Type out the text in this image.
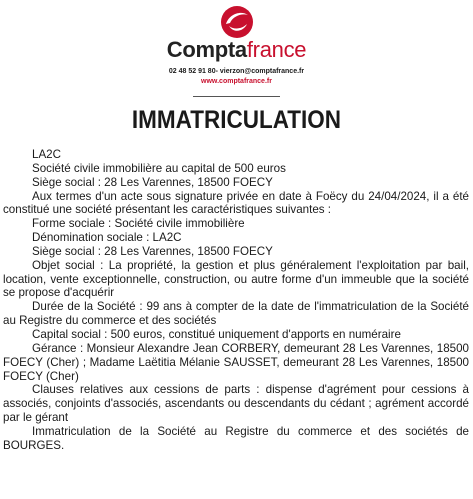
Comptafrance
02 48 52 91 80- vierzon@comptafrance.fr
www.comptafrance.fr
IMMATRICULATION

LA2C

Société civile immobilière au capital de 500 euros

Siège social : 28 Les Varennes, 18500 FOECY

Aux termes d'un acte sous signature privée en date à Foëcy du 24/04/2024, il a été constitué une société présentant les caractéristiques suivantes :

Forme sociale : Société civile immobilière

Dénomination sociale : LA2C

Siège social : 28 Les Varennes, 18500 FOECY

Objet social : La propriété, la gestion et plus généralement l'exploitation par bail, location, vente exceptionnelle, construction, ou autre forme d'un immeuble que la société se propose d'acquérir

Durée de la Société : 99 ans à compter de la date de l'immatriculation de la Société au Registre du commerce et des sociétés

Capital social : 500 euros, constitué uniquement d'apports en numéraire

Gérance : Monsieur Alexandre Jean CORBERY, demeurant 28 Les Varennes, 18500 FOECY (Cher) ; Madame Laëtitia Mélanie SAUSSET, demeurant 28 Les Varennes, 18500 FOECY (Cher)

Clauses relatives aux cessions de parts : dispense d'agrément pour cessions à associés, conjoints d'associés, ascendants ou descendants du cédant ; agrément accordé par le gérant

Immatriculation de la Société au Registre du commerce et des sociétés de BOURGES.
